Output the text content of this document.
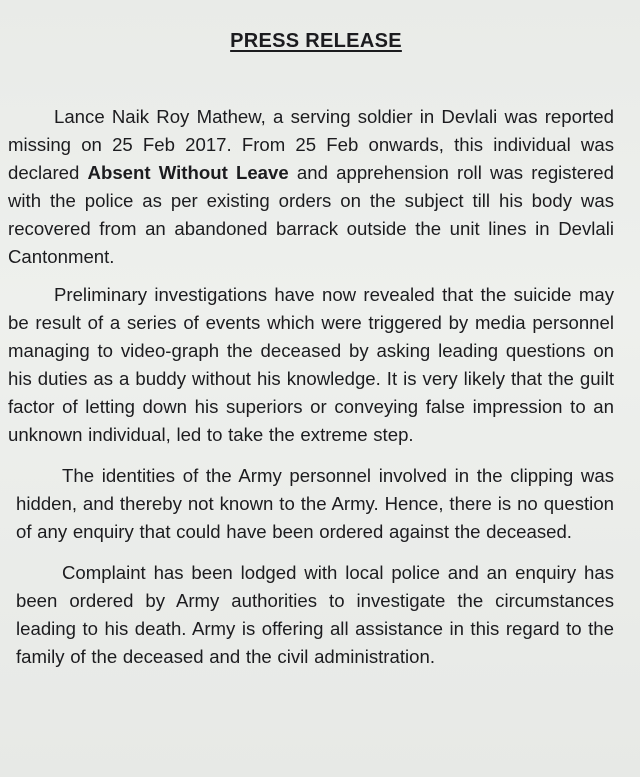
PRESS RELEASE

Lance Naik Roy Mathew, a serving soldier in Devlali was reported missing on 25 Feb 2017. From 25 Feb onwards, this individual was declared Absent Without Leave and apprehension roll was registered with the police as per existing orders on the subject till his body was recovered from an abandoned barrack outside the unit lines in Devlali Cantonment.

Preliminary investigations have now revealed that the suicide may be result of a series of events which were triggered by media personnel managing to video-graph the deceased by asking leading questions on his duties as a buddy without his knowledge. It is very likely that the guilt factor of letting down his superiors or conveying false impression to an unknown individual, led to take the extreme step.

The identities of the Army personnel involved in the clipping was hidden, and thereby not known to the Army. Hence, there is no question of any enquiry that could have been ordered against the deceased.

Complaint has been lodged with local police and an enquiry has been ordered by Army authorities to investigate the circumstances leading to his death. Army is offering all assistance in this regard to the family of the deceased and the civil administration.
